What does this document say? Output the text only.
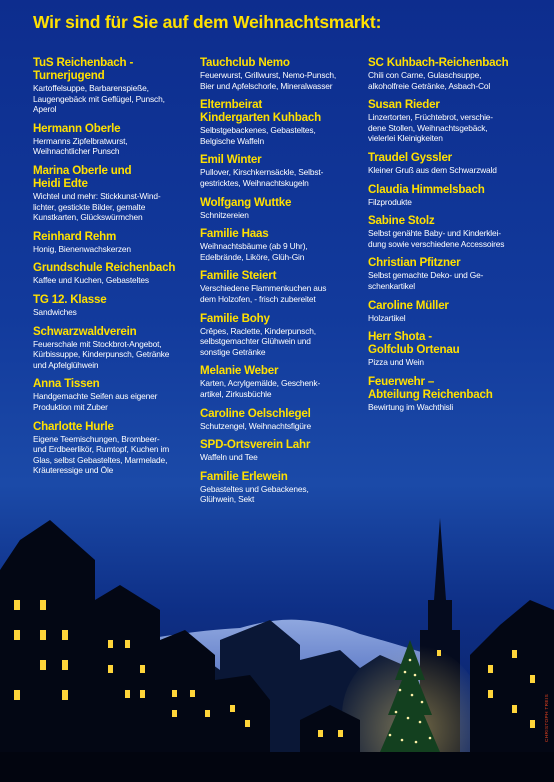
Wir sind für Sie auf dem Weihnachtsmarkt:
TuS Reichenbach -
Turnerjugend
Kartoffelsuppe, Barbarenspieße,
Laugengebäck mit Geflügel, Punsch,
Aperol
Hermann Oberle
Hermanns Zipfelbratwurst,
Weihnachtlicher Punsch
Marina Oberle und
Heidi Edte
Wichtel und mehr: Stickkunst-Wind-
lichter, gestickte Bilder, gemalte
Kunstkarten, Glückswürmchen
Reinhard Rehm
Honig, Bienenwachskerzen
Grundschule Reichenbach
Kaffee und Kuchen, Gebasteltes
TG 12. Klasse
Sandwiches
Schwarzwaldverein
Feuerschale mit Stockbrot-Angebot,
Kürbissuppe, Kinderpunsch, Getränke
und Apfelglühwein
Anna Tissen
Handgemachte Seifen aus eigener
Produktion mit Zuber
Charlotte Hurle
Eigene Teemischungen, Brombeer-
und Erdbeerlikör, Rumtopf, Kuchen im
Glas, selbst Gebasteltes, Marmelade,
Kräuteressige und Öle
Tauchclub Nemo
Feuerwurst, Grillwurst, Nemo-Punsch,
Bier und Apfelschorle, Mineralwasser
Elternbeirat
Kindergarten Kuhbach
Selbstgebackenes, Gebasteltes,
Belgische Waffeln
Emil Winter
Pullover, Kirschkernsäckle, Selbst-
gestricktes, Weihnachtskugeln
Wolfgang Wuttke
Schnitzereien
Familie Haas
Weihnachtsbäume (ab 9 Uhr),
Edelbrände, Liköre, Glüh-Gin
Familie Steiert
Verschiedene Flammenkuchen aus
dem Holzofen, - frisch zubereitet
Familie Bohy
Crêpes, Raclette, Kinderpunsch,
selbstgemachter Glühwein und
sonstige Getränke
Melanie Weber
Karten, Acrylgemälde, Geschenk-
artikel, Zirkusbüchle
Caroline Oelschlegel
Schutzengel, Weihnachtsfigüre
SPD-Ortsverein Lahr
Waffeln und Tee
Familie Erlewein
Gebasteltes und Gebackenes,
Glühwein, Sekt
SC Kuhbach-Reichenbach
Chili con Carne, Gulaschsuppe,
alkoholfreie Getränke, Asbach-Col
Susan Rieder
Linzertorten, Früchtebrot, verschie-
dene Stollen, Weihnachtsgebäck,
vielerlei Kleinigkeiten
Traudel Gyssler
Kleiner Gruß aus dem Schwarzwald
Claudia Himmelsbach
Filzprodukte
Sabine Stolz
Selbst genähte Baby- und Kinderklei-
dung sowie verschiedene Accessoires
Christian Pfitzner
Selbst gemachte Deko- und Ge-
schenkartikel
Caroline Müller
Holzartikel
Herr Shota -
Golfclub Ortenau
Pizza und Wein
Feuerwehr –
Abteilung Reichenbach
Bewirtung im Wachthisli
CHRISTOPH TREIS
